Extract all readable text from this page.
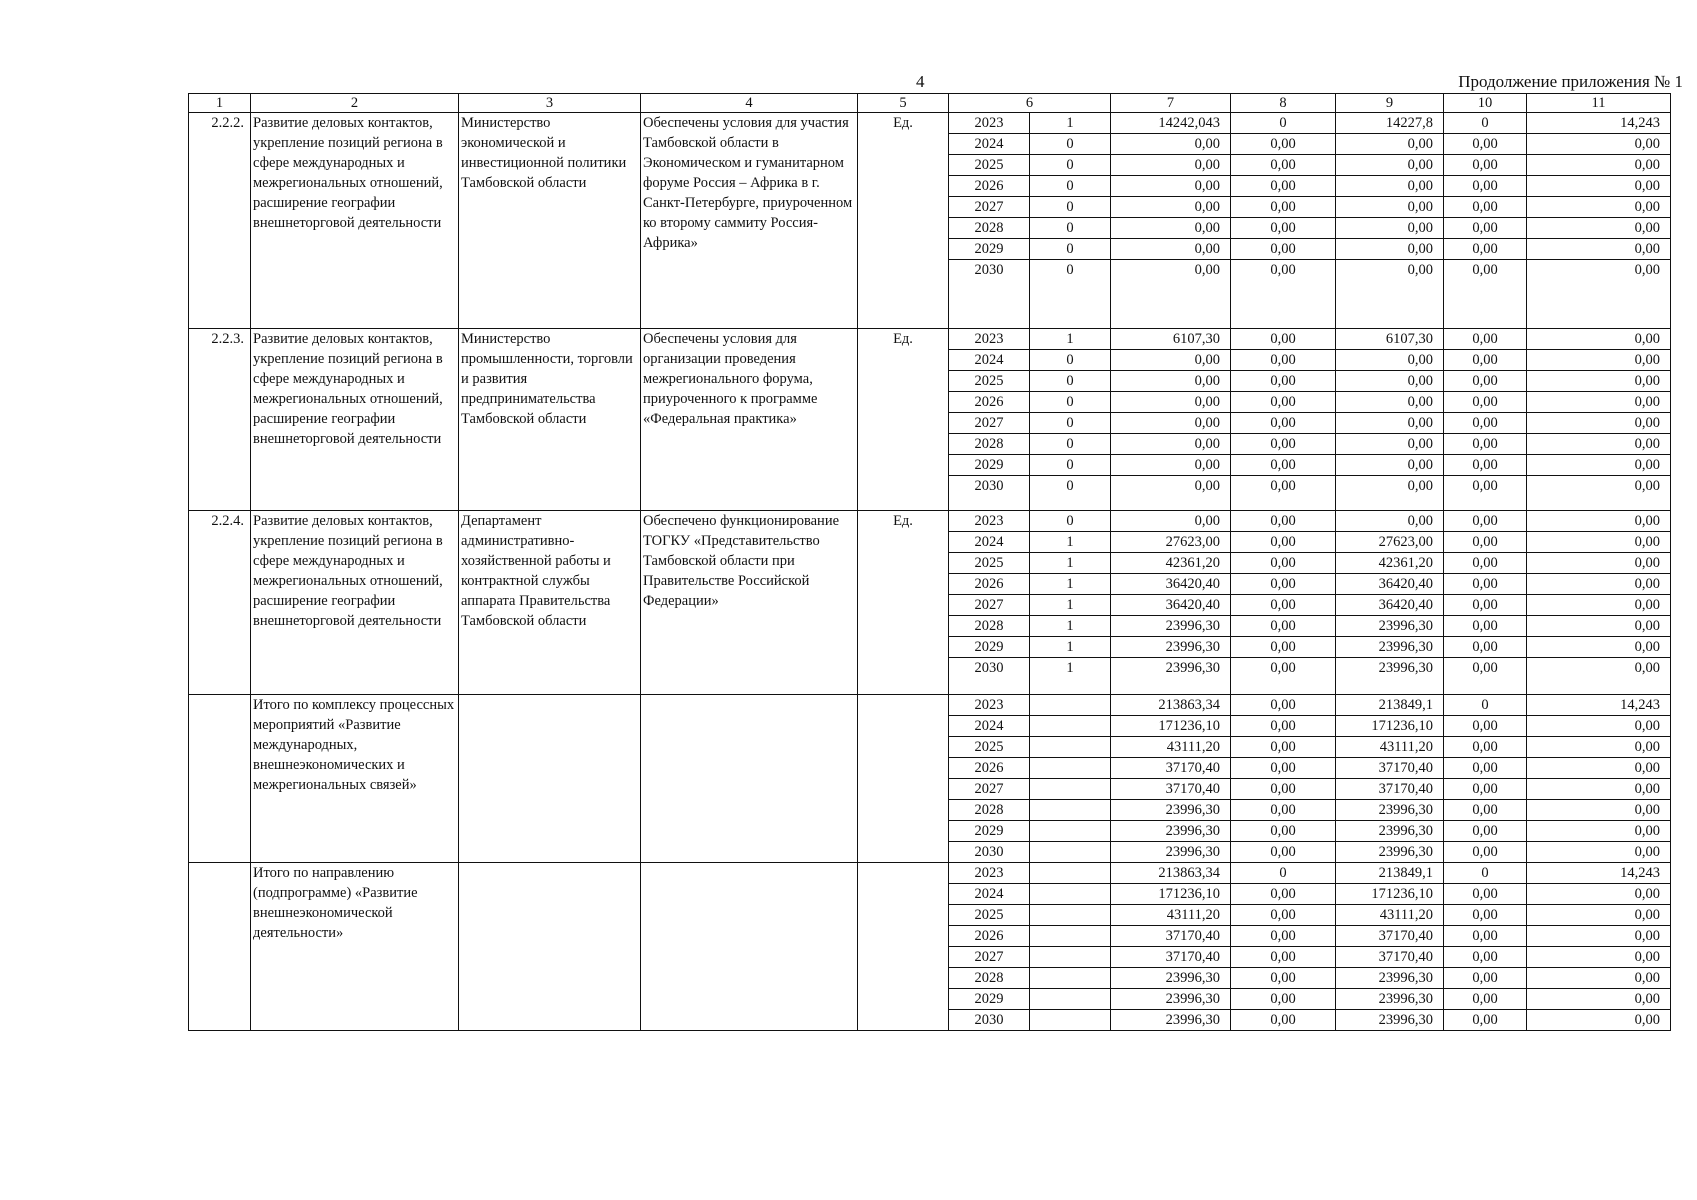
4	Продолжение приложения № 1
1	2	3	4	5	6		7	8	9	10	11
2.2.2.	Развитие деловых контактов, укрепление позиций региона в сфере международных и межрегиональных отношений, расширение географии внешнеторговой деятельности	Министерство экономической и инвестиционной политики Тамбовской области	Обеспечены условия для участия Тамбовской области в Экономическом и гуманитарном форуме Россия – Африка в г. Санкт-Петербурге, приуроченном ко второму саммиту Россия-Африка»	Ед.	2023	1	14242,043	0	14227,8	0	14,243
					2024	0	0,00	0,00	0,00	0,00	0,00
					2025	0	0,00	0,00	0,00	0,00	0,00
					2026	0	0,00	0,00	0,00	0,00	0,00
					2027	0	0,00	0,00	0,00	0,00	0,00
					2028	0	0,00	0,00	0,00	0,00	0,00
					2029	0	0,00	0,00	0,00	0,00	0,00
					2030	0	0,00	0,00	0,00	0,00	0,00
2.2.3.	Развитие деловых контактов, укрепление позиций региона в сфере международных и межрегиональных отношений, расширение географии внешнеторговой деятельности	Министерство промышленности, торговли и развития предпринимательства Тамбовской области	Обеспечены условия для организации проведения межрегионального форума, приуроченного к программе «Федеральная практика»	Ед.	2023	1	6107,30	0,00	6107,30	0,00	0,00
					2024	0	0,00	0,00	0,00	0,00	0,00
					2025	0	0,00	0,00	0,00	0,00	0,00
					2026	0	0,00	0,00	0,00	0,00	0,00
					2027	0	0,00	0,00	0,00	0,00	0,00
					2028	0	0,00	0,00	0,00	0,00	0,00
					2029	0	0,00	0,00	0,00	0,00	0,00
					2030	0	0,00	0,00	0,00	0,00	0,00
2.2.4.	Развитие деловых контактов, укрепление позиций региона в сфере международных и межрегиональных отношений, расширение географии внешнеторговой деятельности	Департамент административно-хозяйственной работы и контрактной службы аппарата Правительства Тамбовской области	Обеспечено функционирование ТОГКУ «Представительство Тамбовской области при Правительстве Российской Федерации»	Ед.	2023	0	0,00	0,00	0,00	0,00	0,00
					2024	1	27623,00	0,00	27623,00	0,00	0,00
					2025	1	42361,20	0,00	42361,20	0,00	0,00
					2026	1	36420,40	0,00	36420,40	0,00	0,00
					2027	1	36420,40	0,00	36420,40	0,00	0,00
					2028	1	23996,30	0,00	23996,30	0,00	0,00
					2029	1	23996,30	0,00	23996,30	0,00	0,00
					2030	1	23996,30	0,00	23996,30	0,00	0,00
	Итого по комплексу процессных мероприятий «Развитие международных, внешнеэкономических и межрегиональных связей»				2023		213863,34	0,00	213849,1	0	14,243
					2024		171236,10	0,00	171236,10	0,00	0,00
					2025		43111,20	0,00	43111,20	0,00	0,00
					2026		37170,40	0,00	37170,40	0,00	0,00
					2027		37170,40	0,00	37170,40	0,00	0,00
					2028		23996,30	0,00	23996,30	0,00	0,00
					2029		23996,30	0,00	23996,30	0,00	0,00
					2030		23996,30	0,00	23996,30	0,00	0,00
	Итого по направлению (подпрограмме) «Развитие внешнеэкономической деятельности»				2023		213863,34	0	213849,1	0	14,243
					2024		171236,10	0,00	171236,10	0,00	0,00
					2025		43111,20	0,00	43111,20	0,00	0,00
					2026		37170,40	0,00	37170,40	0,00	0,00
					2027		37170,40	0,00	37170,40	0,00	0,00
					2028		23996,30	0,00	23996,30	0,00	0,00
					2029		23996,30	0,00	23996,30	0,00	0,00
					2030		23996,30	0,00	23996,30	0,00	0,00
